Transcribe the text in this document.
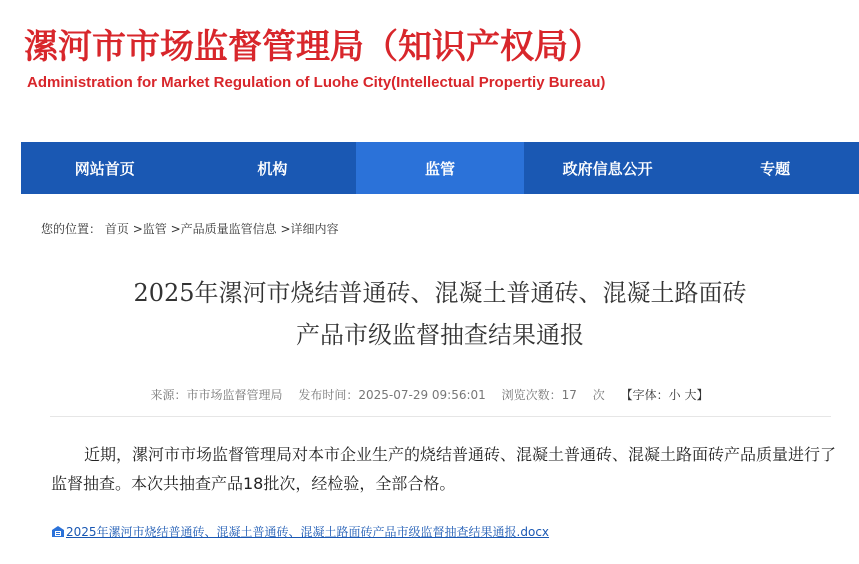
漯河市市场监督管理局（知识产权局）
Administration for Market Regulation of Luohe City(Intellectual Propertiy Bureau)
网站首页	机构	监管	政府信息公开	专题
您的位置： 首页 >监管 >产品质量监管信息 >详细内容
2025年漯河市烧结普通砖、混凝土普通砖、混凝土路面砖
产品市级监督抽查结果通报
来源：市市场监督管理局 发布时间：2025-07-29 09:56:01 浏览次数：17 次 【字体：小 大】
近期，漯河市市场监督管理局对本市企业生产的烧结普通砖、混凝土普通砖、混凝土路面砖产品质量进行了监督抽查。本次共抽查产品18批次，经检验，全部合格。
2025年漯河市烧结普通砖、混凝土普通砖、混凝土路面砖产品市级监督抽查结果通报.docx
